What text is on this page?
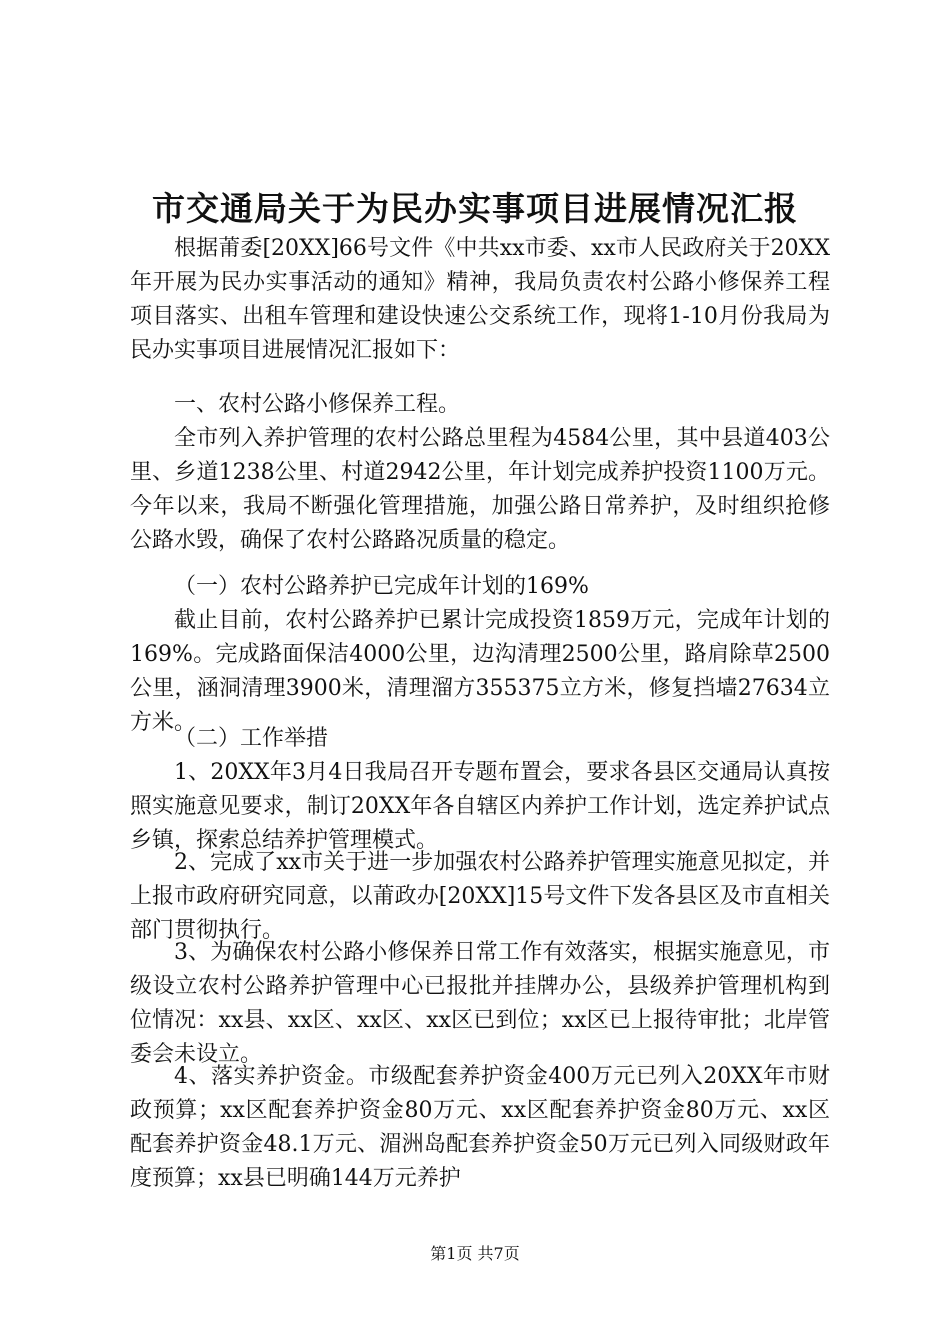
市交通局关于为民办实事项目进展情况汇报

根据莆委[20XX]66号文件《中共xx市委、xx市人民政府关于20XX年开展为民办实事活动的通知》精神，我局负责农村公路小修保养工程项目落实、出租车管理和建设快速公交系统工作，现将1-10月份我局为民办实事项目进展情况汇报如下：

一、农村公路小修保养工程。

全市列入养护管理的农村公路总里程为4584公里，其中县道403公里、乡道1238公里、村道2942公里，年计划完成养护投资1100万元。今年以来，我局不断强化管理措施，加强公路日常养护，及时组织抢修公路水毁，确保了农村公路路况质量的稳定。

（一）农村公路养护已完成年计划的169%

截止目前，农村公路养护已累计完成投资1859万元，完成年计划的169%。完成路面保洁4000公里，边沟清理2500公里，路肩除草2500公里，涵洞清理3900米，清理溜方355375立方米，修复挡墙27634立方米。

（二）工作举措

1、20XX年3月4日我局召开专题布置会，要求各县区交通局认真按照实施意见要求，制订20XX年各自辖区内养护工作计划，选定养护试点乡镇，探索总结养护管理模式。

2、完成了xx市关于进一步加强农村公路养护管理实施意见拟定，并上报市政府研究同意，以莆政办[20XX]15号文件下发各县区及市直相关部门贯彻执行。

3、为确保农村公路小修保养日常工作有效落实，根据实施意见，市级设立农村公路养护管理中心已报批并挂牌办公，县级养护管理机构到位情况：xx县、xx区、xx区、xx区已到位；xx区已上报待审批；北岸管委会未设立。

4、落实养护资金。市级配套养护资金400万元已列入20XX年市财政预算；xx区配套养护资金80万元、xx区配套养护资金80万元、xx区配套养护资金48.1万元、湄洲岛配套养护资金50万元已列入同级财政年度预算；xx县已明确144万元养护

第1页 共7页
